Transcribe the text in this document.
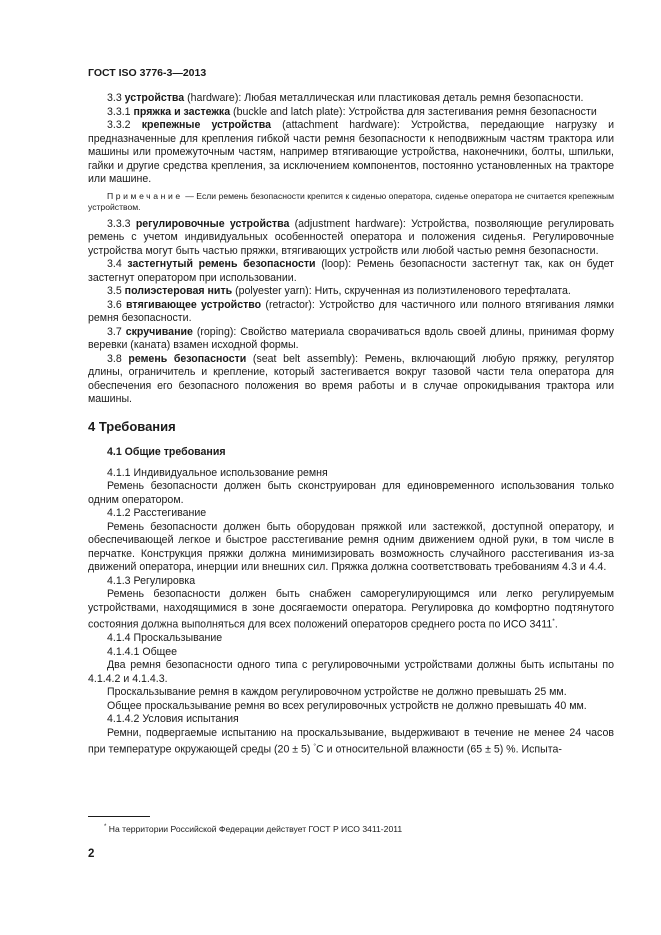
ГОСТ ISO 3776-3—2013

3.3 устройства (hardware): Любая металлическая или пластиковая деталь ремня безопасности.

3.3.1 пряжка и застежка (buckle and latch plate): Устройства для застегивания ремня безопасности

3.3.2 крепежные устройства (attachment hardware): Устройства, передающие нагрузку и предназначенные для крепления гибкой части ремня безопасности к неподвижным частям трактора или машины или промежуточным частям, например втягивающие устройства, наконечники, болты, шпильки, гайки и другие средства крепления, за исключением компонентов, постоянно установленных на тракторе или машине.

Примечание — Если ремень безопасности крепится к сиденью оператора, сиденье оператора не считается крепежным устройством.

3.3.3 регулировочные устройства (adjustment hardware): Устройства, позволяющие регулировать ремень с учетом индивидуальных особенностей оператора и положения сиденья. Регулировочные устройства могут быть частью пряжки, втягивающих устройств или любой частью ремня безопасности.

3.4 застегнутый ремень безопасности (loop): Ремень безопасности застегнут так, как он будет застегнут оператором при использовании.

3.5 полиэстеровая нить (polyester yarn): Нить, скрученная из полиэтиленового терефталата.

3.6 втягивающее устройство (retractor): Устройство для частичного или полного втягивания лямки ремня безопасности.

3.7 скручивание (roping): Свойство материала сворачиваться вдоль своей длины, принимая форму веревки (каната) взамен исходной формы.

3.8 ремень безопасности (seat belt assembly): Ремень, включающий любую пряжку, регулятор длины, ограничитель и крепление, который застегивается вокруг тазовой части тела оператора для обеспечения его безопасного положения во время работы и в случае опрокидывания трактора или машины.

4 Требования

4.1 Общие требования

4.1.1 Индивидуальное использование ремня

Ремень безопасности должен быть сконструирован для единовременного использования только одним оператором.

4.1.2 Расстегивание

Ремень безопасности должен быть оборудован пряжкой или застежкой, доступной оператору, и обеспечивающей легкое и быстрое расстегивание ремня одним движением одной руки, в том числе в перчатке. Конструкция пряжки должна минимизировать возможность случайного расстегивания из-за движений оператора, инерции или внешних сил. Пряжка должна соответствовать требованиям 4.3 и 4.4.

4.1.3 Регулировка

Ремень безопасности должен быть снабжен саморегулирующимся или легко регулируемым устройствами, находящимися в зоне досягаемости оператора. Регулировка до комфортно подтянутого состояния должна выполняться для всех положений операторов среднего роста по ИСО 3411*.

4.1.4 Проскальзывание

4.1.4.1 Общее

Два ремня безопасности одного типа с регулировочными устройствами должны быть испытаны по 4.1.4.2 и 4.1.4.3.

Проскальзывание ремня в каждом регулировочном устройстве не должно превышать 25 мм.

Общее проскальзывание ремня во всех регулировочных устройств не должно превышать 40 мм.

4.1.4.2 Условия испытания

Ремни, подвергаемые испытанию на проскальзывание, выдерживают в течение не менее 24 часов при температуре окружающей среды (20 ± 5) °С и относительной влажности (65 ± 5) %. Испыта-

* На территории Российской Федерации действует ГОСТ Р ИСО 3411-2011
2
